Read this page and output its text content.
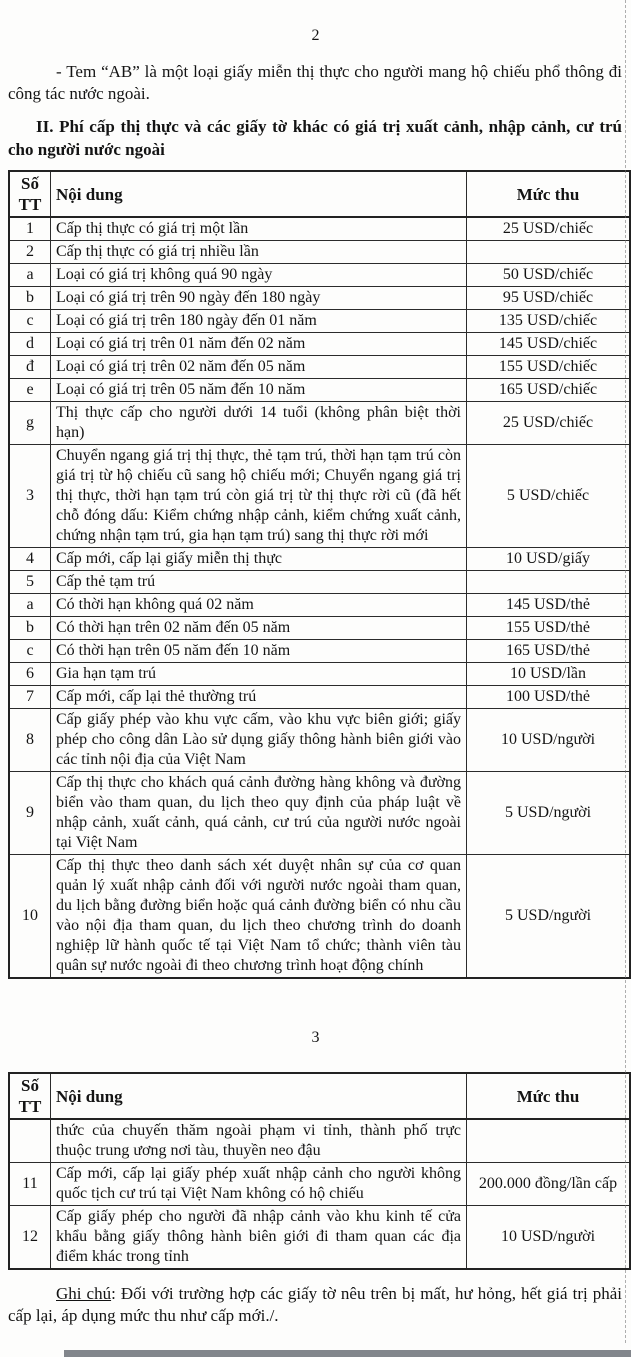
2

- Tem “AB” là một loại giấy miễn thị thực cho người mang hộ chiếu phổ thông đi công tác nước ngoài.

II. Phí cấp thị thực và các giấy tờ khác có giá trị xuất cảnh, nhập cảnh, cư trú cho người nước ngoài

Số TT	Nội dung	Mức thu
1	Cấp thị thực có giá trị một lần	25 USD/chiếc
2	Cấp thị thực có giá trị nhiều lần	
a	Loại có giá trị không quá 90 ngày	50 USD/chiếc
b	Loại có giá trị trên 90 ngày đến 180 ngày	95 USD/chiếc
c	Loại có giá trị trên 180 ngày đến 01 năm	135 USD/chiếc
d	Loại có giá trị trên 01 năm đến 02 năm	145 USD/chiếc
đ	Loại có giá trị trên 02 năm đến 05 năm	155 USD/chiếc
e	Loại có giá trị trên 05 năm đến 10 năm	165 USD/chiếc
g	Thị thực cấp cho người dưới 14 tuổi (không phân biệt thời hạn)	25 USD/chiếc
3	Chuyển ngang giá trị thị thực, thẻ tạm trú, thời hạn tạm trú còn giá trị từ hộ chiếu cũ sang hộ chiếu mới; Chuyển ngang giá trị thị thực, thời hạn tạm trú còn giá trị từ thị thực rời cũ (đã hết chỗ đóng dấu: Kiểm chứng nhập cảnh, kiểm chứng xuất cảnh, chứng nhận tạm trú, gia hạn tạm trú) sang thị thực rời mới	5 USD/chiếc
4	Cấp mới, cấp lại giấy miễn thị thực	10 USD/giấy
5	Cấp thẻ tạm trú	
a	Có thời hạn không quá 02 năm	145 USD/thẻ
b	Có thời hạn trên 02 năm đến 05 năm	155 USD/thẻ
c	Có thời hạn trên 05 năm đến 10 năm	165 USD/thẻ
6	Gia hạn tạm trú	10 USD/lần
7	Cấp mới, cấp lại thẻ thường trú	100 USD/thẻ
8	Cấp giấy phép vào khu vực cấm, vào khu vực biên giới; giấy phép cho công dân Lào sử dụng giấy thông hành biên giới vào các tỉnh nội địa của Việt Nam	10 USD/người
9	Cấp thị thực cho khách quá cảnh đường hàng không và đường biển vào tham quan, du lịch theo quy định của pháp luật về nhập cảnh, xuất cảnh, quá cảnh, cư trú của người nước ngoài tại Việt Nam	5 USD/người
10	Cấp thị thực theo danh sách xét duyệt nhân sự của cơ quan quản lý xuất nhập cảnh đối với người nước ngoài tham quan, du lịch bằng đường biển hoặc quá cảnh đường biển có nhu cầu vào nội địa tham quan, du lịch theo chương trình do doanh nghiệp lữ hành quốc tế tại Việt Nam tổ chức; thành viên tàu quân sự nước ngoài đi theo chương trình hoạt động chính	5 USD/người
3
Số TT	Nội dung	Mức thu
	thức của chuyến thăm ngoài phạm vi tỉnh, thành phố trực thuộc trung ương nơi tàu, thuyền neo đậu	
11	Cấp mới, cấp lại giấy phép xuất nhập cảnh cho người không quốc tịch cư trú tại Việt Nam không có hộ chiếu	200.000 đồng/lần cấp
12	Cấp giấy phép cho người đã nhập cảnh vào khu kinh tế cửa khẩu bằng giấy thông hành biên giới đi tham quan các địa điểm khác trong tỉnh	10 USD/người

Ghi chú: Đối với trường hợp các giấy tờ nêu trên bị mất, hư hỏng, hết giá trị phải cấp lại, áp dụng mức thu như cấp mới./.
